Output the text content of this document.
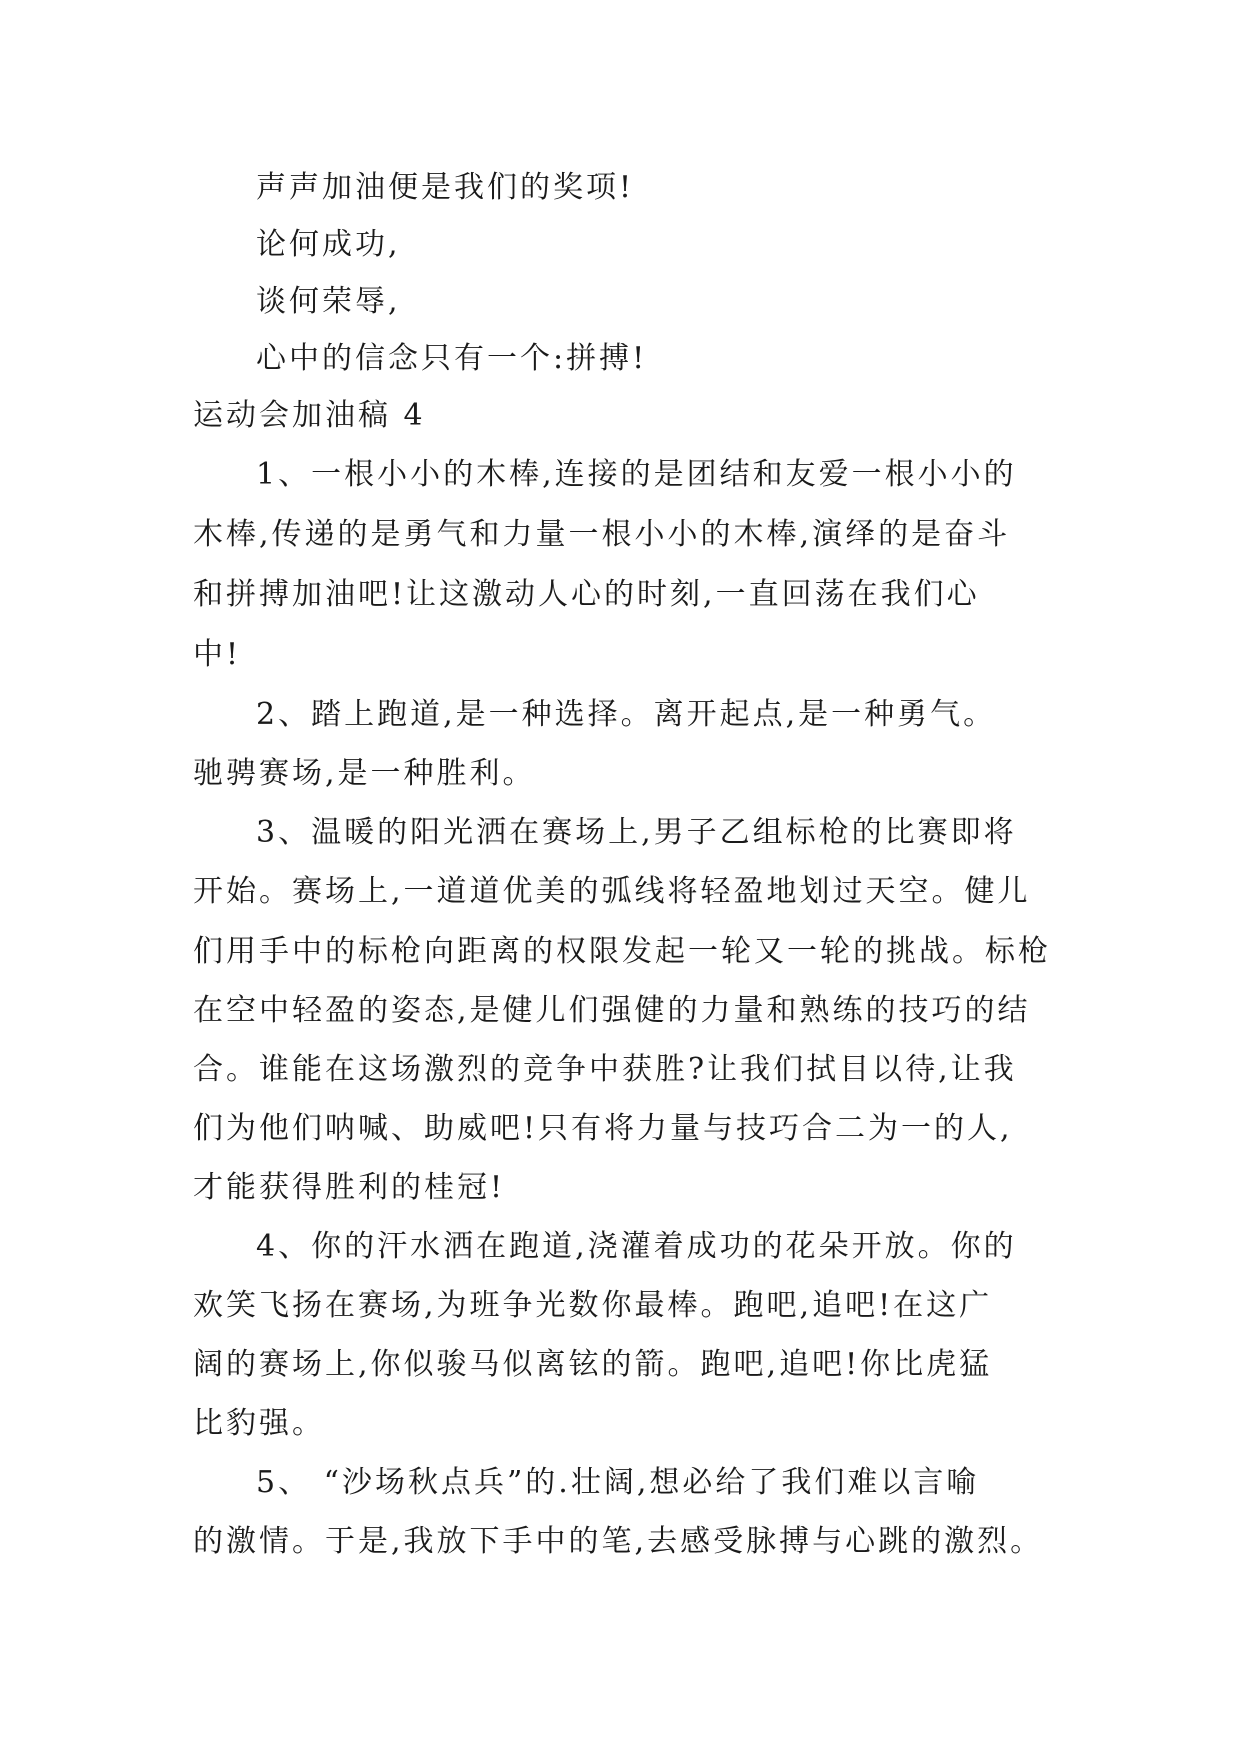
声声加油便是我们的奖项!
论何成功,
谈何荣辱,
心中的信念只有一个:拼搏!
运动会加油稿 4
1、一根小小的木棒,连接的是团结和友爱一根小小的
木棒,传递的是勇气和力量一根小小的木棒,演绎的是奋斗
和拼搏加油吧!让这激动人心的时刻,一直回荡在我们心
中!
2、踏上跑道,是一种选择。离开起点,是一种勇气。
驰骋赛场,是一种胜利。
3、温暖的阳光洒在赛场上,男子乙组标枪的比赛即将
开始。赛场上,一道道优美的弧线将轻盈地划过天空。健儿
们用手中的标枪向距离的权限发起一轮又一轮的挑战。标枪
在空中轻盈的姿态,是健儿们强健的力量和熟练的技巧的结
合。谁能在这场激烈的竞争中获胜?让我们拭目以待,让我
们为他们呐喊、助威吧!只有将力量与技巧合二为一的人,
才能获得胜利的桂冠!
4、你的汗水洒在跑道,浇灌着成功的花朵开放。你的
欢笑飞扬在赛场,为班争光数你最棒。跑吧,追吧!在这广
阔的赛场上,你似骏马似离铉的箭。跑吧,追吧!你比虎猛
比豹强。
5、 “沙场秋点兵”的.壮阔,想必给了我们难以言喻
的激情。于是,我放下手中的笔,去感受脉搏与心跳的激烈。
